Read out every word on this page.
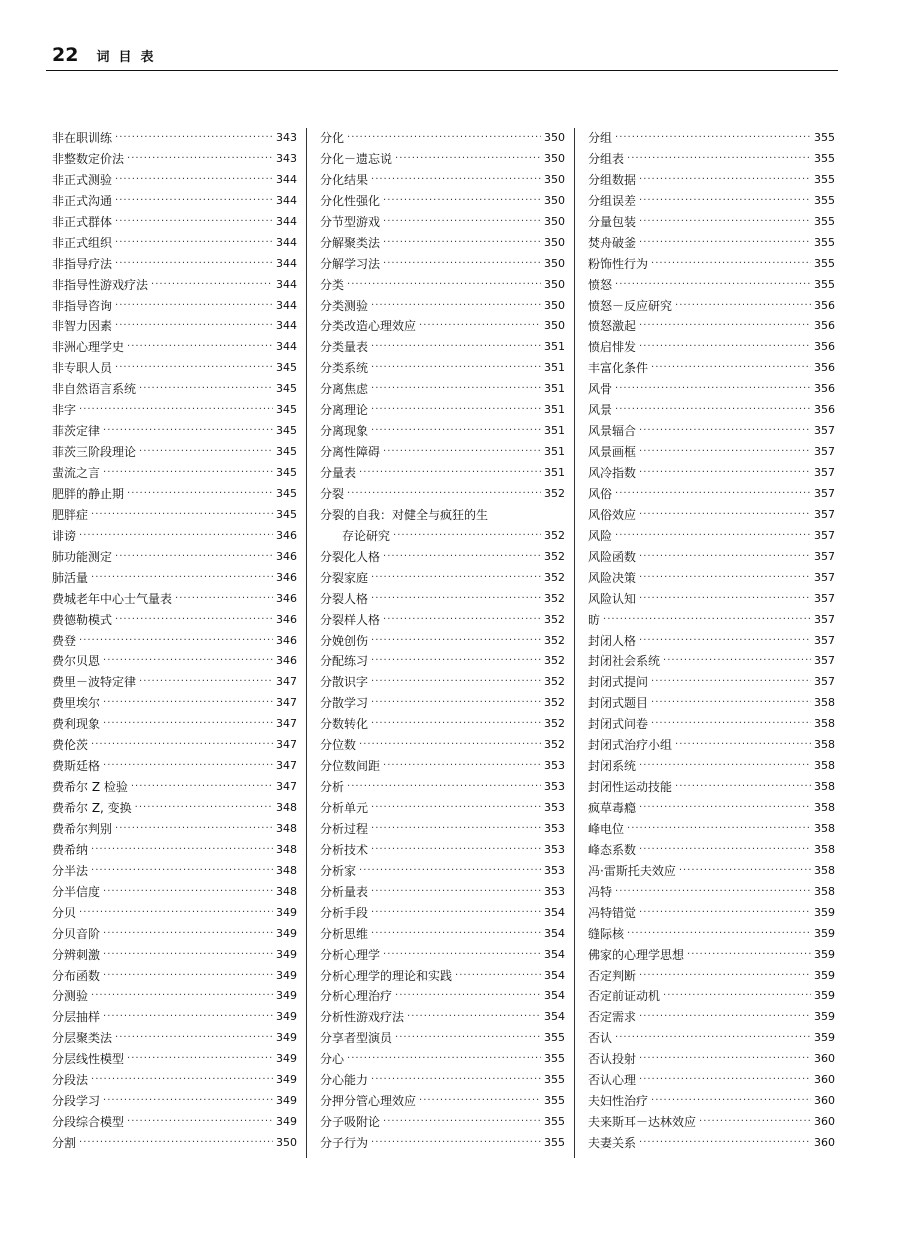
22 词目表
非在职训练 ·····	343
非整数定价法 ·····	343
非正式测验 ·····	344
非正式沟通 ·····	344
非正式群体 ·····	344
非正式组织 ·····	344
非指导疗法 ·····	344
非指导性游戏疗法 ·····	344
非指导咨询 ·····	344
非智力因素 ·····	344
非洲心理学史 ·····	344
非专职人员 ·····	345
非自然语言系统 ·····	345
非字 ·····	345
菲茨定律 ·····	345
菲茨三阶段理论 ·····	345
蜚流之言 ·····	345
肥胖的静止期 ·····	345
肥胖症 ·····	345
诽谤 ·····	346
肺功能测定 ·····	346
肺活量 ·····	346
费城老年中心士气量表 ·····	346
费德勒模式 ·····	346
费登 ·····	346
费尔贝恩 ·····	346
费里－波特定律 ·····	347
费里埃尔 ·····	347
费利现象 ·····	347
费伦茨 ·····	347
费斯廷格 ·····	347
费希尔 Z 检验 ·····	347
费希尔 Z, 变换 ·····	348
费希尔判别 ·····	348
费希纳 ·····	348
分半法 ·····	348
分半信度 ·····	348
分贝 ·····	349
分贝音阶 ·····	349
分辨刺激 ·····	349
分布函数 ·····	349
分测验 ·····	349
分层抽样 ·····	349
分层聚类法 ·····	349
分层线性模型 ·····	349
分段法 ·····	349
分段学习 ·····	349
分段综合模型 ·····	349
分割 ·····	350
分化 ·····	350
分化－遗忘说 ·····	350
分化结果 ·····	350
分化性强化 ·····	350
分节型游戏 ·····	350
分解聚类法 ·····	350
分解学习法 ·····	350
分类 ·····	350
分类测验 ·····	350
分类改造心理效应 ·····	350
分类量表 ·····	351
分类系统 ·····	351
分离焦虑 ·····	351
分离理论 ·····	351
分离现象 ·····	351
分离性障碍 ·····	351
分量表 ·····	351
分裂 ·····	352
分裂的自我：对健全与疯狂的生
存论研究 ·····	352
分裂化人格 ·····	352
分裂家庭 ·····	352
分裂人格 ·····	352
分裂样人格 ·····	352
分娩创伤 ·····	352
分配练习 ·····	352
分散识字 ·····	352
分散学习 ·····	352
分数转化 ·····	352
分位数 ·····	352
分位数间距 ·····	353
分析 ·····	353
分析单元 ·····	353
分析过程 ·····	353
分析技术 ·····	353
分析家 ·····	353
分析量表 ·····	353
分析手段 ·····	354
分析思维 ·····	354
分析心理学 ·····	354
分析心理学的理论和实践 ·····	354
分析心理治疗 ·····	354
分析性游戏疗法 ·····	354
分享者型演员 ·····	355
分心 ·····	355
分心能力 ·····	355
分押分管心理效应 ·····	355
分子吸附论 ·····	355
分子行为 ·····	355
分组 ·····	355
分组表 ·····	355
分组数据 ·····	355
分组误差 ·····	355
分量包装 ·····	355
焚舟破釜 ·····	355
粉饰性行为 ·····	355
愤怒 ·····	355
愤怒－反应研究 ·····	356
愤怒激起 ·····	356
愤启悱发 ·····	356
丰富化条件 ·····	356
风骨 ·····	356
风景 ·····	356
风景辐合 ·····	357
风景画框 ·····	357
风冷指数 ·····	357
风俗 ·····	357
风俗效应 ·····	357
风险 ·····	357
风险函数 ·····	357
风险决策 ·····	357
风险认知 ·····	357
昉 ·····	357
封闭人格 ·····	357
封闭社会系统 ·····	357
封闭式提问 ·····	357
封闭式题目 ·····	358
封闭式问卷 ·····	358
封闭式治疗小组 ·····	358
封闭系统 ·····	358
封闭性运动技能 ·····	358
疯草毒瘾 ·····	358
峰电位 ·····	358
峰态系数 ·····	358
冯·雷斯托夫效应 ·····	358
冯特 ·····	358
冯特错觉 ·····	359
缝际核 ·····	359
佛家的心理学思想 ·····	359
否定判断 ·····	359
否定前证动机 ·····	359
否定需求 ·····	359
否认 ·····	359
否认投射 ·····	360
否认心理 ·····	360
夫妇性治疗 ·····	360
夫来斯耳－达林效应 ·····	360
夫妻关系 ·····	360
